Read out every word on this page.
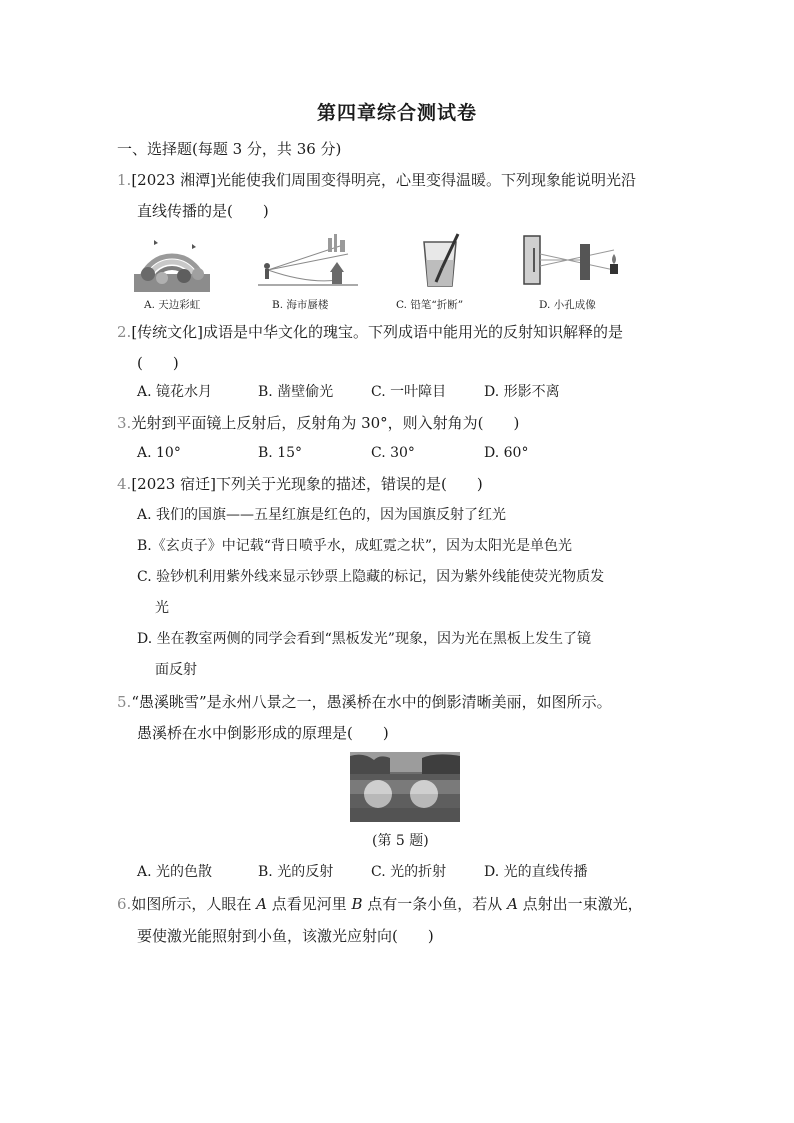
第四章综合测试卷
一、选择题(每题 3 分，共 36 分)
1.[2023 湘潭]光能使我们周围变得明亮，心里变得温暖。下列现象能说明光沿
直线传播的是(　　)
A. 天边彩虹	B. 海市蜃楼	C. 铅笔“折断”	D. 小孔成像
2.[传统文化]成语是中华文化的瑰宝。下列成语中能用光的反射知识解释的是
(　　)
A. 镜花水月	B. 凿壁偷光	C. 一叶障目	D. 形影不离
3.光射到平面镜上反射后，反射角为 30°，则入射角为(　　)
A. 10°	B. 15°	C. 30°	D. 60°
4.[2023 宿迁]下列关于光现象的描述，错误的是(　　)
A. 我们的国旗——五星红旗是红色的，因为国旗反射了红光
B.《玄贞子》中记载“背日喷乎水，成虹霓之状”，因为太阳光是单色光
C. 验钞机利用紫外线来显示钞票上隐藏的标记，因为紫外线能使荧光物质发
光
D. 坐在教室两侧的同学会看到“黑板发光”现象，因为光在黑板上发生了镜
面反射
5.“愚溪眺雪”是永州八景之一，愚溪桥在水中的倒影清晰美丽，如图所示。
愚溪桥在水中倒影形成的原理是(　　)
(第 5 题)
A. 光的色散	B. 光的反射	C. 光的折射	D. 光的直线传播
6.如图所示，人眼在 A 点看见河里 B 点有一条小鱼，若从 A 点射出一束激光，
要使激光能照射到小鱼，该激光应射向(　　)
